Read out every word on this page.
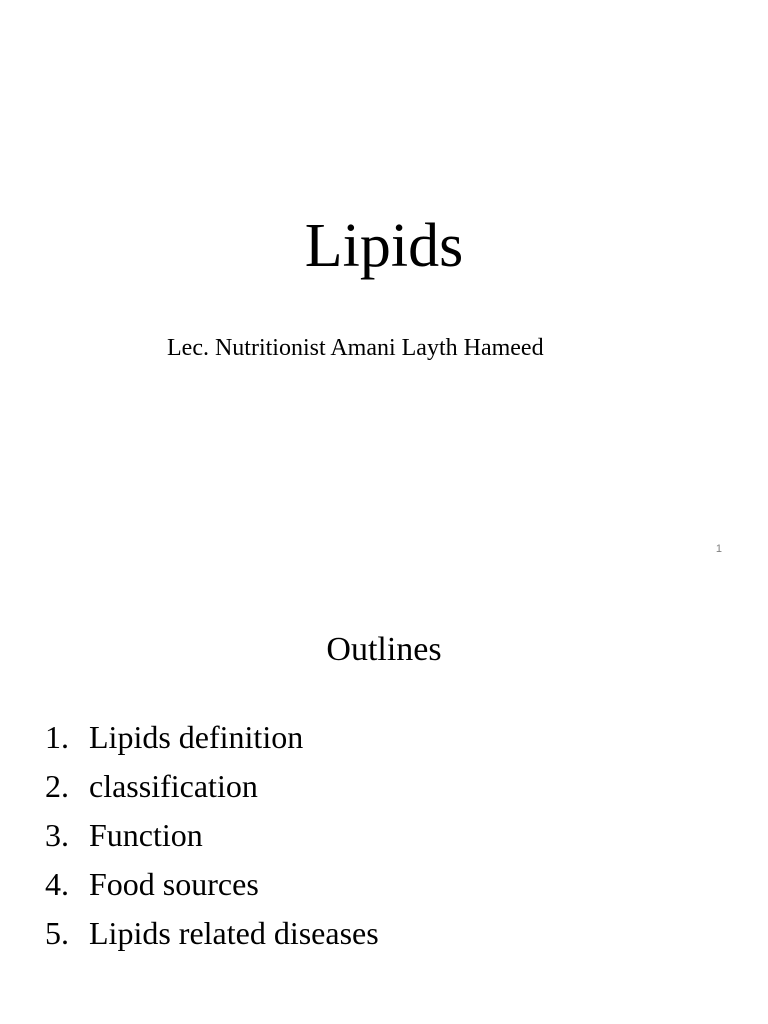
Lipids

Lec. Nutritionist Amani Layth Hameed

1
Outlines
1. Lipids definition
2. classification
3. Function
4. Food sources
5. Lipids related diseases
